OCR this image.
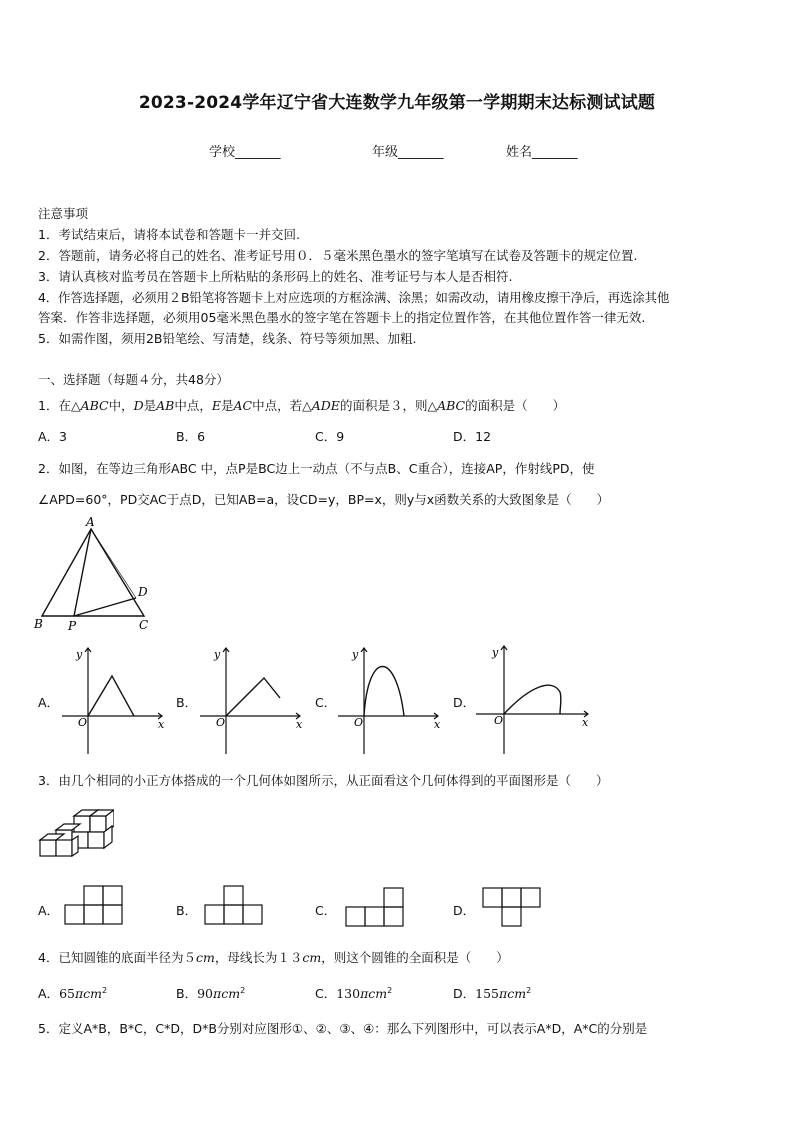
2023-2024学年辽宁省大连数学九年级第一学期期末达标测试试题
学校_______	年级_______	姓名_______
注意事项
1．考试结束后，请将本试卷和答题卡一并交回.
2．答题前，请务必将自己的姓名、准考证号用０．５毫米黑色墨水的签字笔填写在试卷及答题卡的规定位置.
3．请认真核对监考员在答题卡上所粘贴的条形码上的姓名、准考证号与本人是否相符.
4．作答选择题，必须用２B铅笔将答题卡上对应选项的方框涂满、涂黑；如需改动，请用橡皮擦干净后，再选涂其他
答案．作答非选择题，必须用05毫米黑色墨水的签字笔在答题卡上的指定位置作答，在其他位置作答一律无效.
5．如需作图，须用2B铅笔绘、写清楚，线条、符号等须加黑、加粗.
一、选择题（每题４分，共48分）
1．在△ABC中，D是AB中点，E是AC中点，若△ADE的面积是３，则△ABC的面积是（　　）
A．3	B．6	C．9	D．12
2．如图，在等边三角形ABC 中，点P是BC边上一动点（不与点B、C重合），连接AP，作射线PD，使
∠APD=60°，PD交AC于点D，已知AB=a，设CD=y，BP=x，则y与x函数关系的大致图象是（　　）
A
B	C
D
P
A．
y
x
O
B．
y
x
O
C．
y
x
O
D．
y
x
O
3．由几个相同的小正方体搭成的一个几何体如图所示，从正面看这个几何体得到的平面图形是（　　）
A．	B．	C．	D．
4．已知圆锥的底面半径为５cm，母线长为１３cm，则这个圆锥的全面积是（　　）
A．65πcm$^2$	B．90πcm$^2$	C．130πcm$^2$	D．155πcm$^2$
5．定义A*B，B*C，C*D，D*B分别对应图形①、②、③、④：那么下列图形中，可以表示A*D，A*C的分别是
